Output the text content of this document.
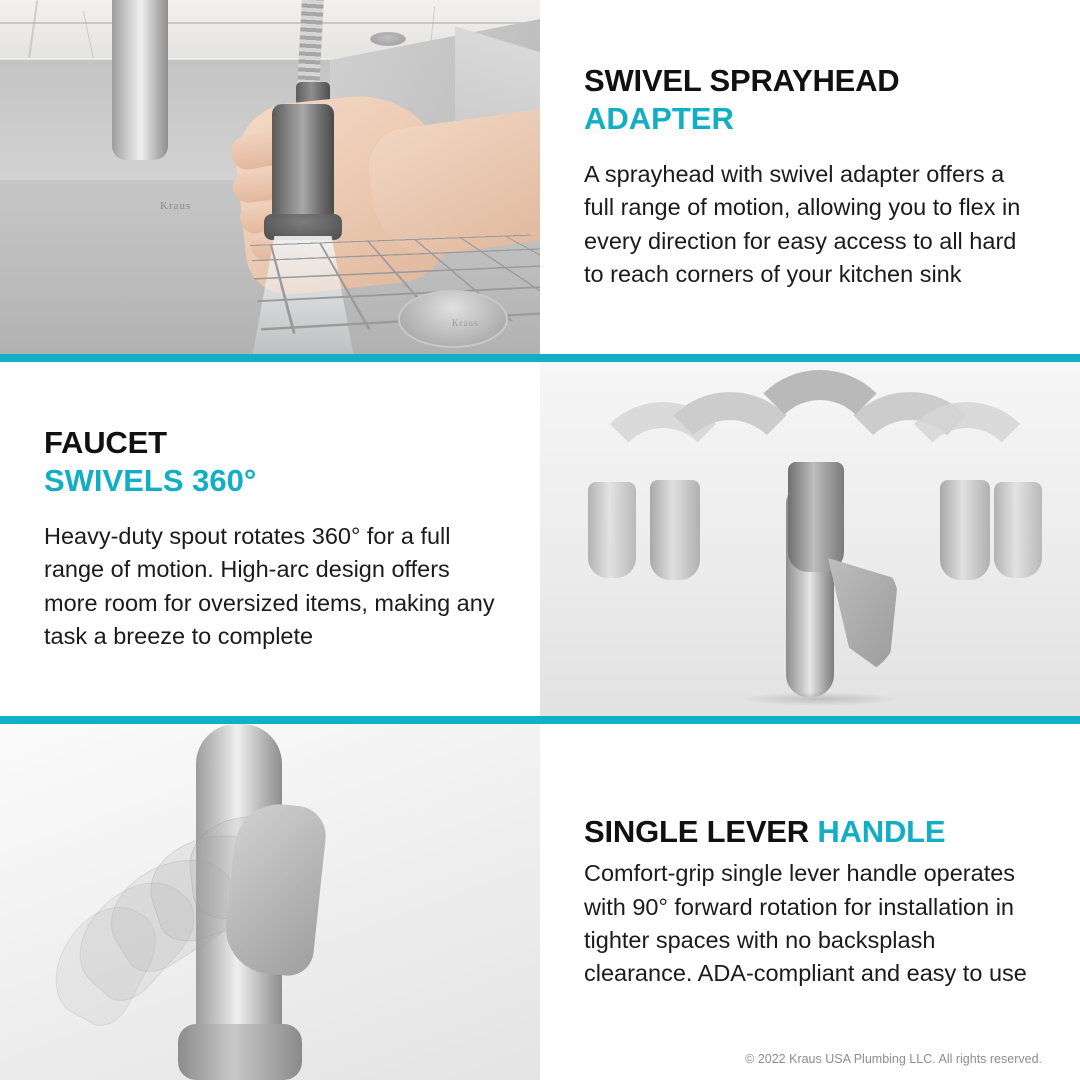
Kraus
Kraus
SWIVEL SPRAYHEAD
ADAPTER

A sprayhead with swivel adapter offers a full range of motion, allowing you to flex in every direction for easy access to all hard to reach corners of your kitchen sink

FAUCET
SWIVELS 360°

Heavy-duty spout rotates 360° for a full range of motion. High-arc design offers more room for oversized items, making any task a breeze to complete

SINGLE LEVER HANDLE

Comfort-grip single lever handle operates with 90° forward rotation for installation in tighter spaces with no backsplash clearance. ADA-compliant and easy to use

© 2022 Kraus USA Plumbing LLC. All rights reserved.
